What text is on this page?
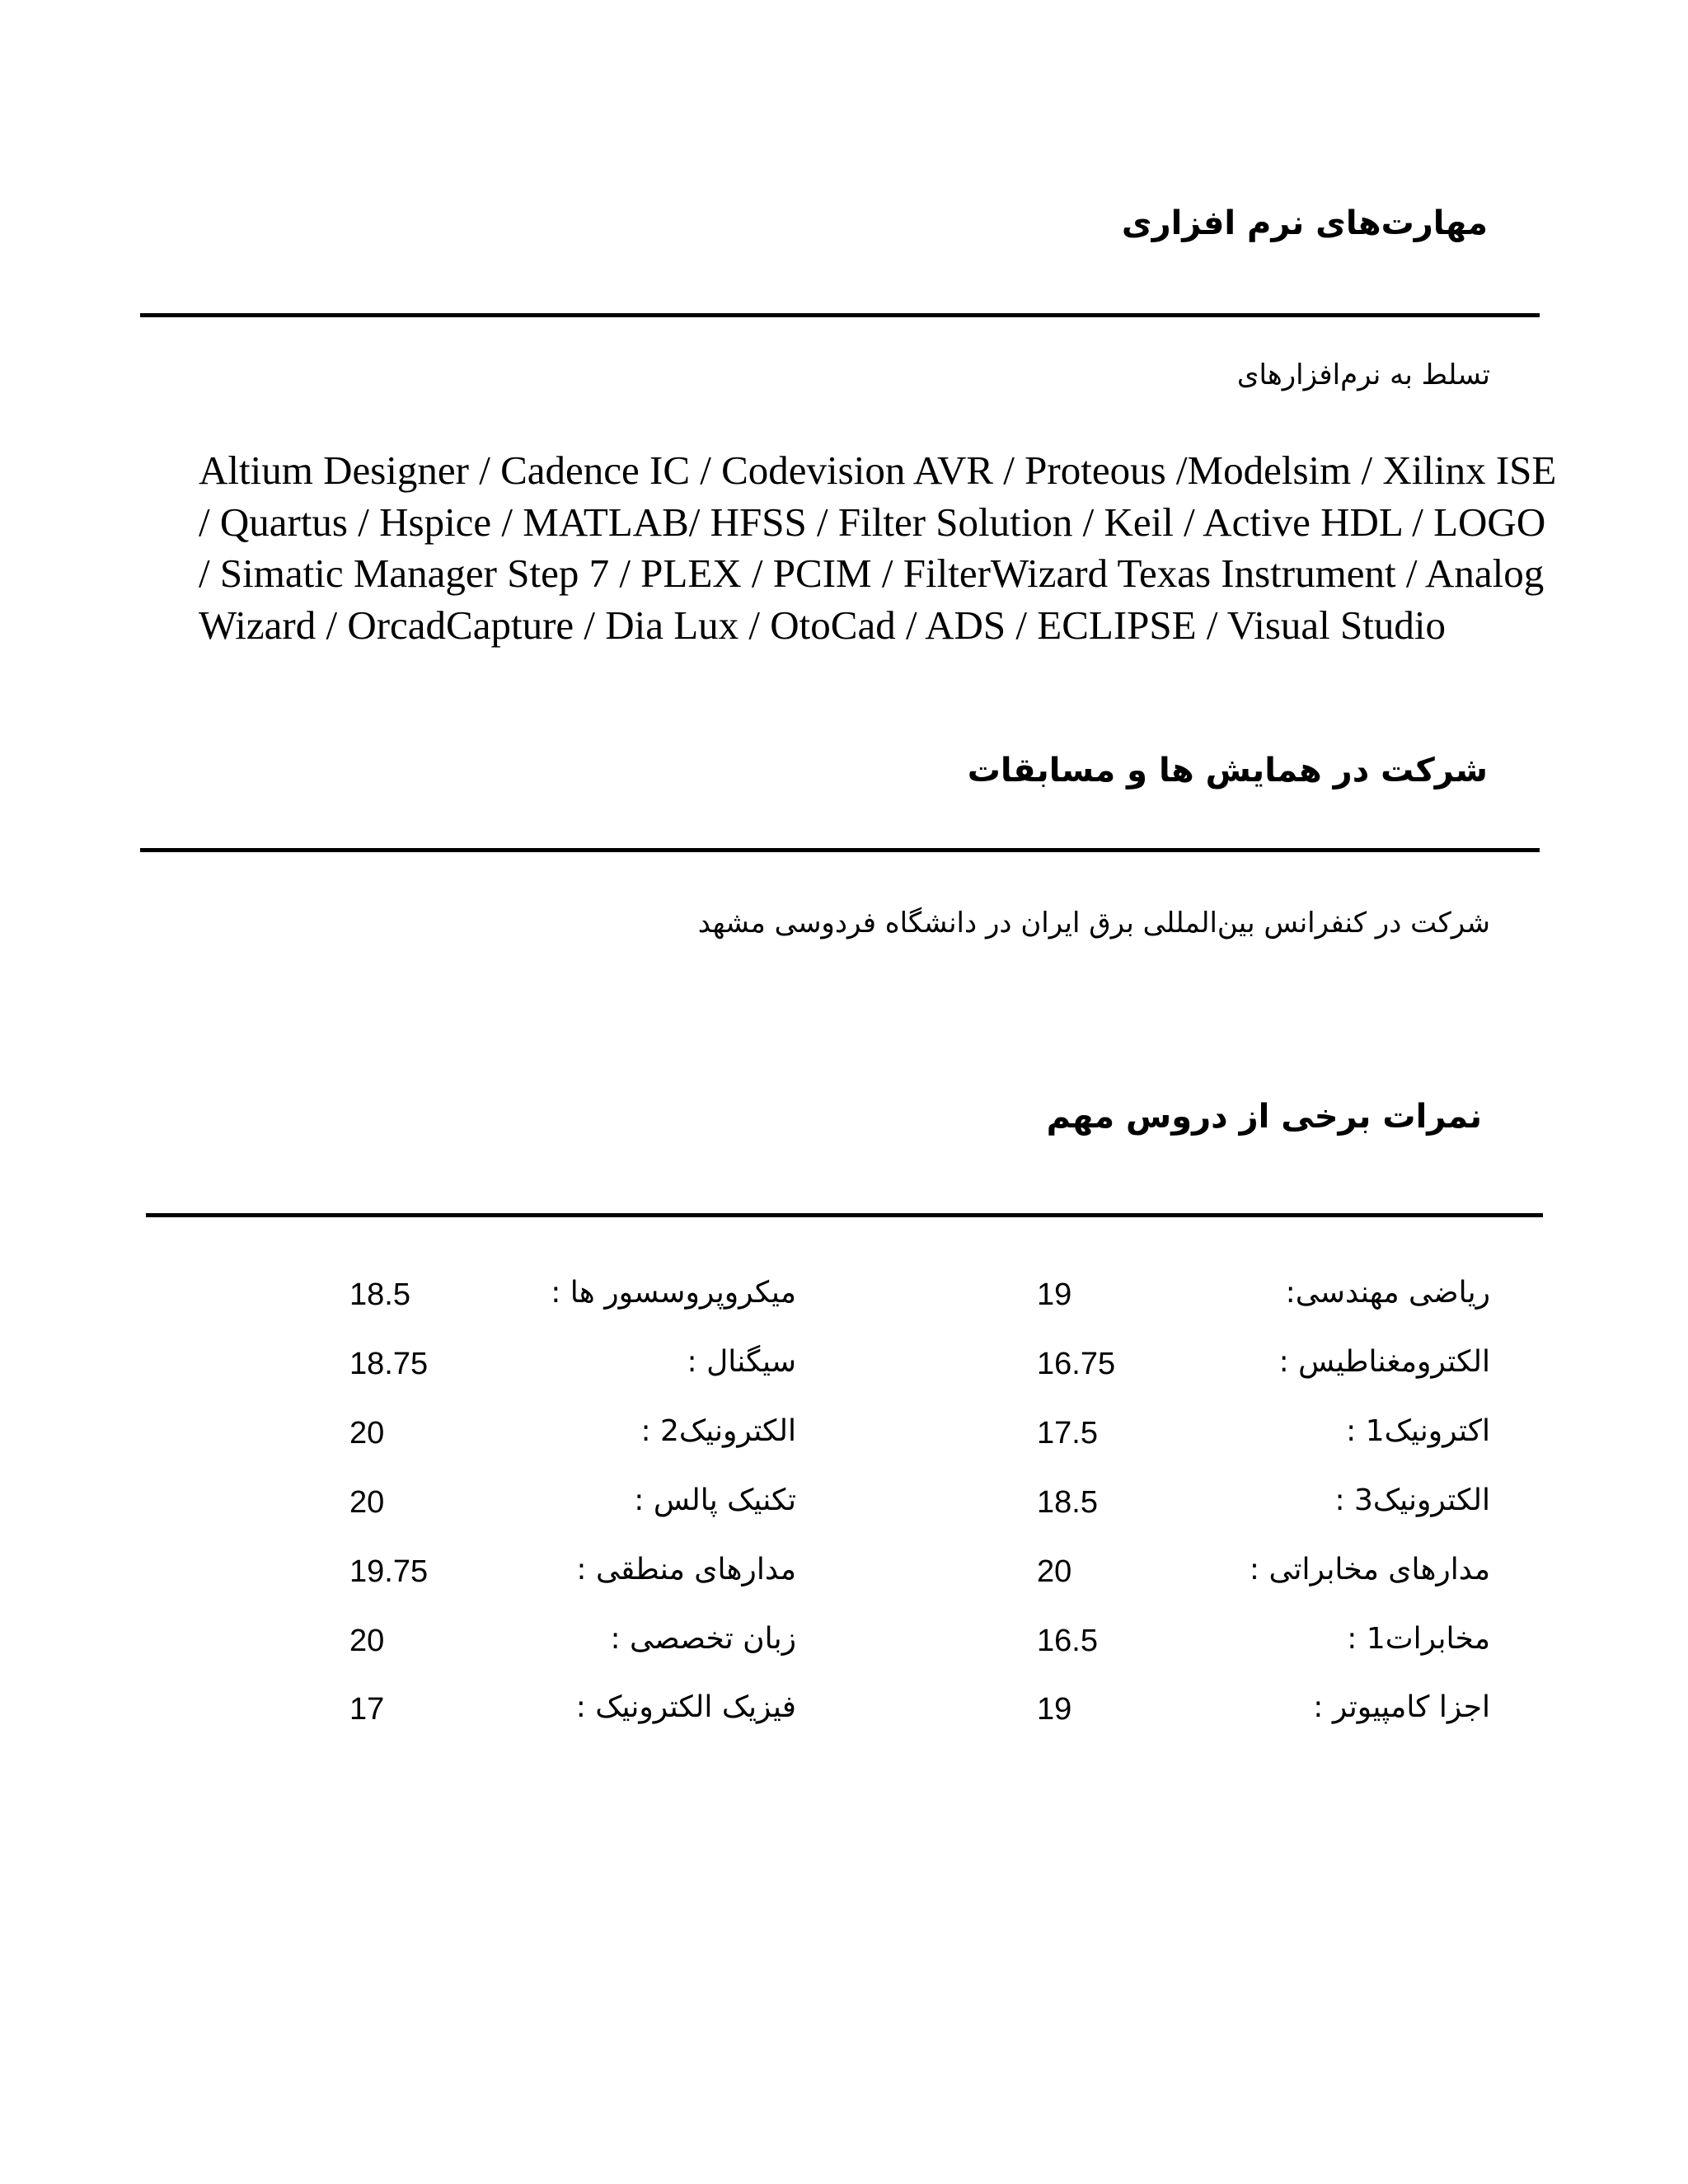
مهارت‌های نرم افزاری
تسلط به نرم‌افزارهای
Altium Designer / Cadence IC / Codevision AVR / Proteous /Modelsim / Xilinx ISE / Quartus / Hspice / MATLAB/ HFSS / Filter Solution / Keil / Active HDL / LOGO / Simatic Manager Step 7 / PLEX / PCIM / FilterWizard Texas Instrument / Analog Wizard / OrcadCapture / Dia Lux / OtoCad / ADS / ECLIPSE / Visual Studio
شرکت در همایش ها و مسابقات
شرکت در کنفرانس بین‌المللی برق ایران در دانشگاه فردوسی مشهد
نمرات برخی از دروس مهم
ریاضی مهندسی:
19
الکترومغناطیس :
16.75
اکترونیک1 :
17.5
الکترونیک3 :
18.5
مدارهای مخابراتی :
20
مخابرات1 :
16.5
اجزا کامپیوتر :
19
میکروپروسسور ها :
18.5
سیگنال :
18.75
الکترونیک2 :
20
تکنیک پالس :
20
مدارهای منطقی :
19.75
زبان تخصصی :
20
فیزیک الکترونیک :
17
